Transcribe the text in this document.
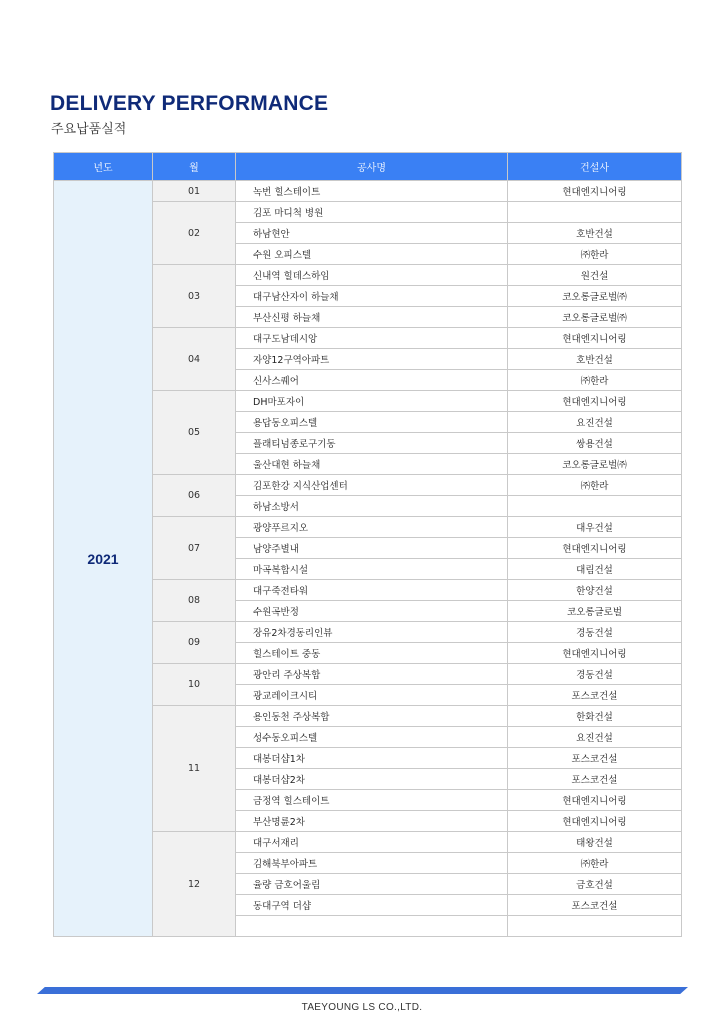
DELIVERY PERFORMANCE

주요납품실적

년도	월	공사명	건설사
2021	01	녹번 힐스테이트	현대엔지니어링
	02	김포 마디척 병원	
		하남현안	호반건설
		수원 오피스텔	㈜한라
	03	신내역 힐데스하임	원건설
		대구남산자이 하늘채	코오롱글로벌㈜
		부산신평 하늘채	코오롱글로벌㈜
	04	대구도남데시앙	현대엔지니어링
		자양12구역아파트	호반건설
		신사스퀘어	㈜한라
	05	DH마포자이	현대엔지니어링
		용답동오피스텔	요진건설
		플래티넘종로구기동	쌍용건설
		울산대현 하늘채	코오롱글로벌㈜
	06	김포한강 지식산업센터	㈜한라
		하남소방서	
	07	광양푸르지오	대우건설
		남양주별내	현대엔지니어링
		마곡복합시설	대림건설
	08	대구죽전타워	한양건설
		수원곡반정	코오롱글로벌
	09	장유2차경동리인뷰	경동건설
		힐스테이트 중동	현대엔지니어링
	10	광안리 주상복합	경동건설
		광교레이크시티	포스코건설
	11	용인동천 주상복합	한화건설
		성수동오피스텔	요진건설
		대봉더샵1차	포스코건설
		대봉더샵2차	포스코건설
		금정역 힐스테이트	현대엔지니어링
		부산명륜2차	현대엔지니어링
	12	대구서재리	태왕건설
		김해북부아파트	㈜한라
		율량 금호어울림	금호건설
		동대구역 더샵	포스코건설

TAEYOUNG LS CO.,LTD.
